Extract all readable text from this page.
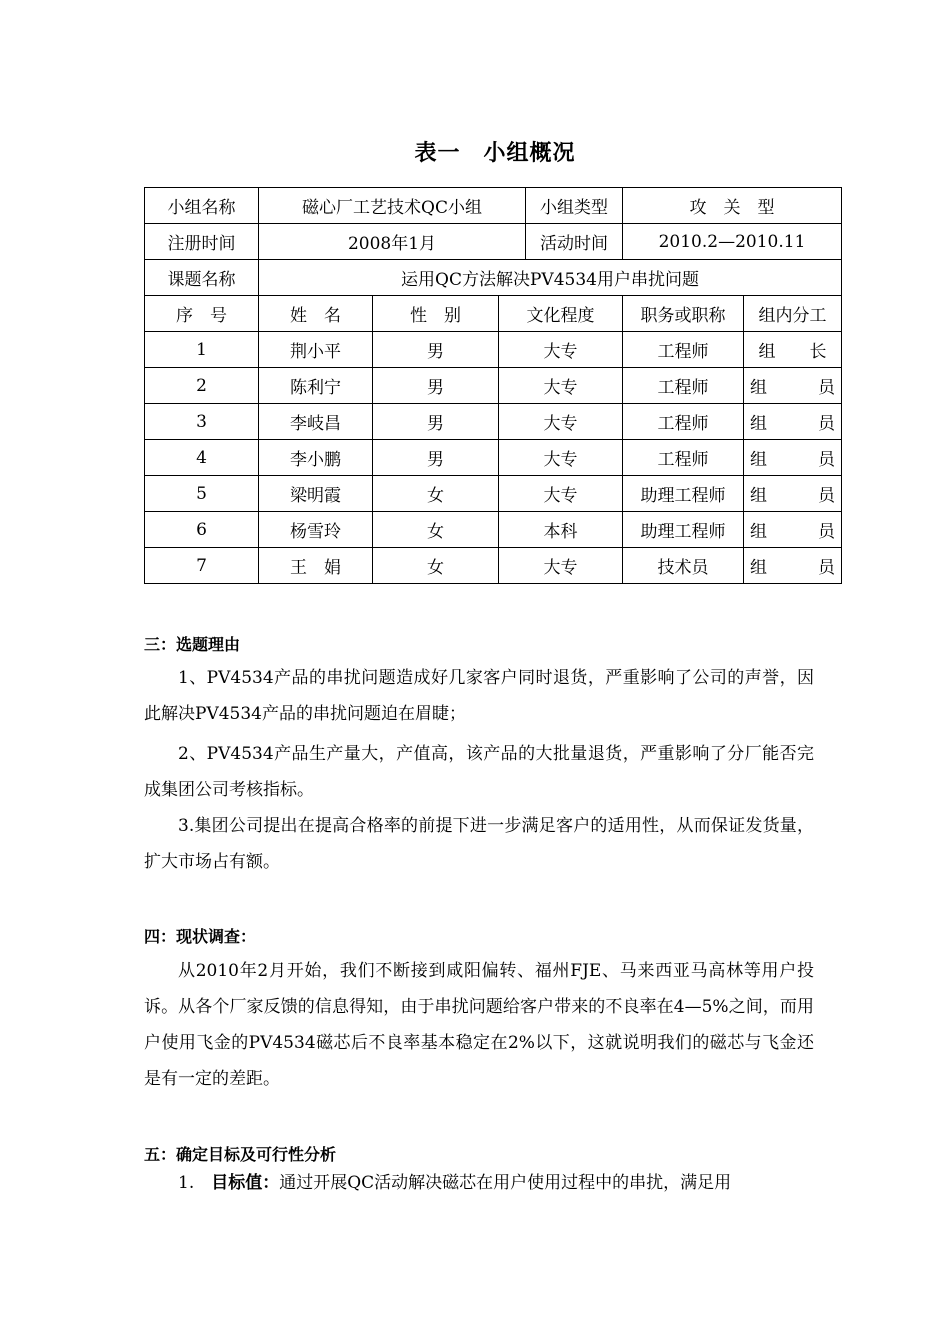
表一　小组概况
小组名称	磁心厂工艺技术QC小组			小组类型	攻　关　型	
注册时间	2008年1月			活动时间	2010.2—2010.11	
课题名称	运用QC方法解决PV4534用户串扰问题					
序　号	姓　名	性　别	文化程度		职务或职称	组内分工
1	荆小平	男	大专		工程师	组　　长
2	陈利宁	男	大专		工程师	组　　　员
3	李岐昌	男	大专		工程师	组　　　员
4	李小鹏	男	大专		工程师	组　　　员
5	梁明霞	女	大专		助理工程师	组　　　员
6	杨雪玲	女	本科		助理工程师	组　　　员
7	王　娟	女	大专		技术员	组　　　员
三：选题理由

1、PV4534产品的串扰问题造成好几家客户同时退货，严重影响了公司的声誉，因此解决PV4534产品的串扰问题迫在眉睫；

2、PV4534产品生产量大，产值高，该产品的大批量退货，严重影响了分厂能否完成集团公司考核指标。

3.集团公司提出在提高合格率的前提下进一步满足客户的适用性，从而保证发货量，扩大市场占有额。

四：现状调查：

从2010年2月开始，我们不断接到咸阳偏转、福州FJE、马来西亚马高林等用户投诉。从各个厂家反馈的信息得知，由于串扰问题给客户带来的不良率在4—5%之间，而用户使用飞金的PV4534磁芯后不良率基本稳定在2%以下，这就说明我们的磁芯与飞金还是有一定的差距。

五：确定目标及可行性分析

1.　 目标值：通过开展QC活动解决磁芯在用户使用过程中的串扰，满足用
